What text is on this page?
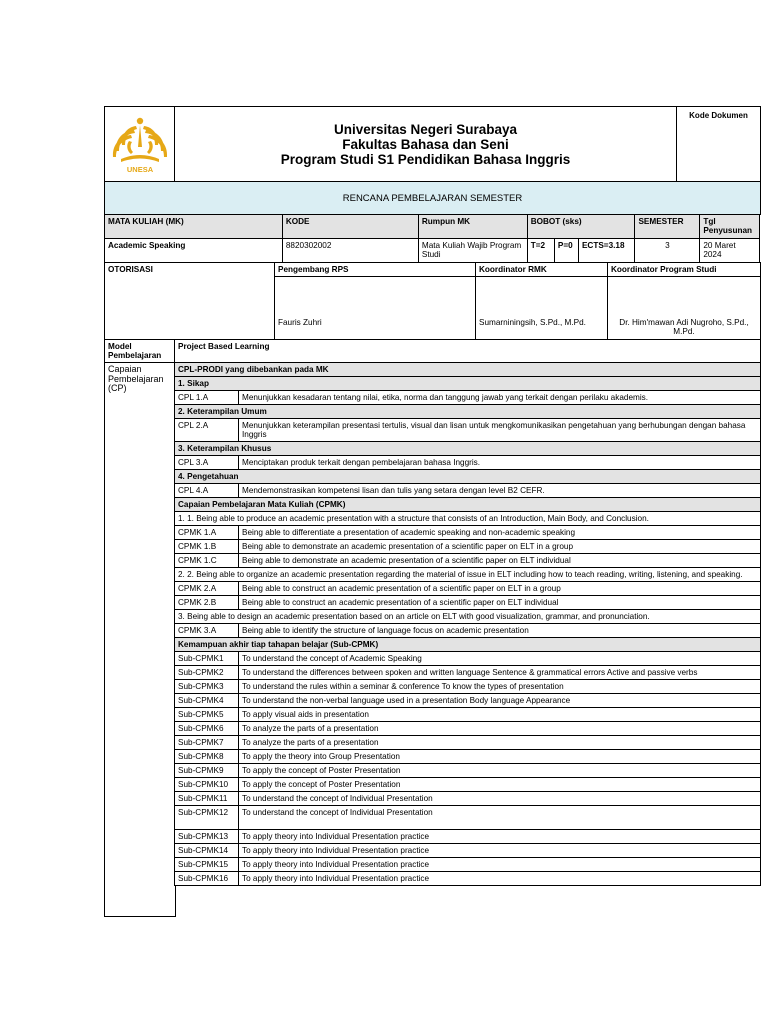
UNESA

Universitas Negeri Surabaya
Fakultas Bahasa dan Seni
Program Studi S1 Pendidikan Bahasa Inggris
	Kode Dokumen
RENCANA PEMBELAJARAN SEMESTER
MATA KULIAH (MK)	KODE	Rumpun MK	BOBOT (sks)			SEMESTER	Tgl Penyusunan
Academic Speaking	8820302002	Mata Kuliah Wajib Program Studi	T=2	P=0	ECTS=3.18	3	20 Maret 2024
OTORISASI	Pengembang RPS	Koordinator RMK	Koordinator Program Studi
	Fauris Zuhri	Sumarniningsih, S.Pd., M.Pd.	Dr. Him'mawan Adi Nugroho, S.Pd., M.Pd.
Model Pembelajaran	Project Based Learning	
Capaian Pembelajaran (CP)	CPL-PRODI yang dibebankan pada MK	
	1. Sikap	
	CPL 1.A	Menunjukkan kesadaran tentang nilai, etika, norma dan tanggung jawab yang terkait dengan perilaku akademis.
	2. Keterampilan Umum	
	CPL 2.A	Menunjukkan keterampilan presentasi tertulis, visual dan lisan untuk mengkomunikasikan pengetahuan yang berhubungan dengan bahasa Inggris
	3. Keterampilan Khusus	
	CPL 3.A	Menciptakan produk terkait dengan pembelajaran bahasa Inggris.
	4. Pengetahuan	
	CPL 4.A	Mendemonstrasikan kompetensi lisan dan tulis yang setara dengan level B2 CEFR.
	Capaian Pembelajaran Mata Kuliah (CPMK)	
	1. 1. Being able to produce an academic presentation with a structure that consists of an Introduction, Main Body, and Conclusion.	
	CPMK 1.A	Being able to differentiate a presentation of academic speaking and non-academic speaking
	CPMK 1.B	Being able to demonstrate an academic presentation of a scientific paper on ELT in a group
	CPMK 1.C	Being able to demonstrate an academic presentation of a scientific paper on ELT individual
	2. 2. Being able to organize an academic presentation regarding the material of issue in ELT including how to teach reading, writing, listening, and speaking.	
	CPMK 2.A	Being able to construct an academic presentation of a scientific paper on ELT in a group
	CPMK 2.B	Being able to construct an academic presentation of a scientific paper on ELT individual
	3. Being able to design an academic presentation based on an article on ELT with good visualization, grammar, and pronunciation.	
	CPMK 3.A	Being able to identify the structure of language focus on academic presentation
	Kemampuan akhir tiap tahapan belajar (Sub-CPMK)	
	Sub-CPMK1	To understand the concept of Academic Speaking
	Sub-CPMK2	To understand the differences between spoken and written language Sentence & grammatical errors Active and passive verbs
	Sub-CPMK3	To understand the rules within a seminar & conference To know the types of presentation
	Sub-CPMK4	To understand the non-verbal language used in a presentation Body language Appearance
	Sub-CPMK5	To apply visual aids in presentation
	Sub-CPMK6	To analyze the parts of a presentation
	Sub-CPMK7	To analyze the parts of a presentation
	Sub-CPMK8	To apply the theory into Group Presentation
	Sub-CPMK9	To apply the concept of Poster Presentation
	Sub-CPMK10	To apply the concept of Poster Presentation
	Sub-CPMK11	To understand the concept of Individual Presentation
	Sub-CPMK12	To understand the concept of Individual Presentation
	Sub-CPMK13	To apply theory into Individual Presentation practice
	Sub-CPMK14	To apply theory into Individual Presentation practice
	Sub-CPMK15	To apply theory into Individual Presentation practice
	Sub-CPMK16	To apply theory into Individual Presentation practice
